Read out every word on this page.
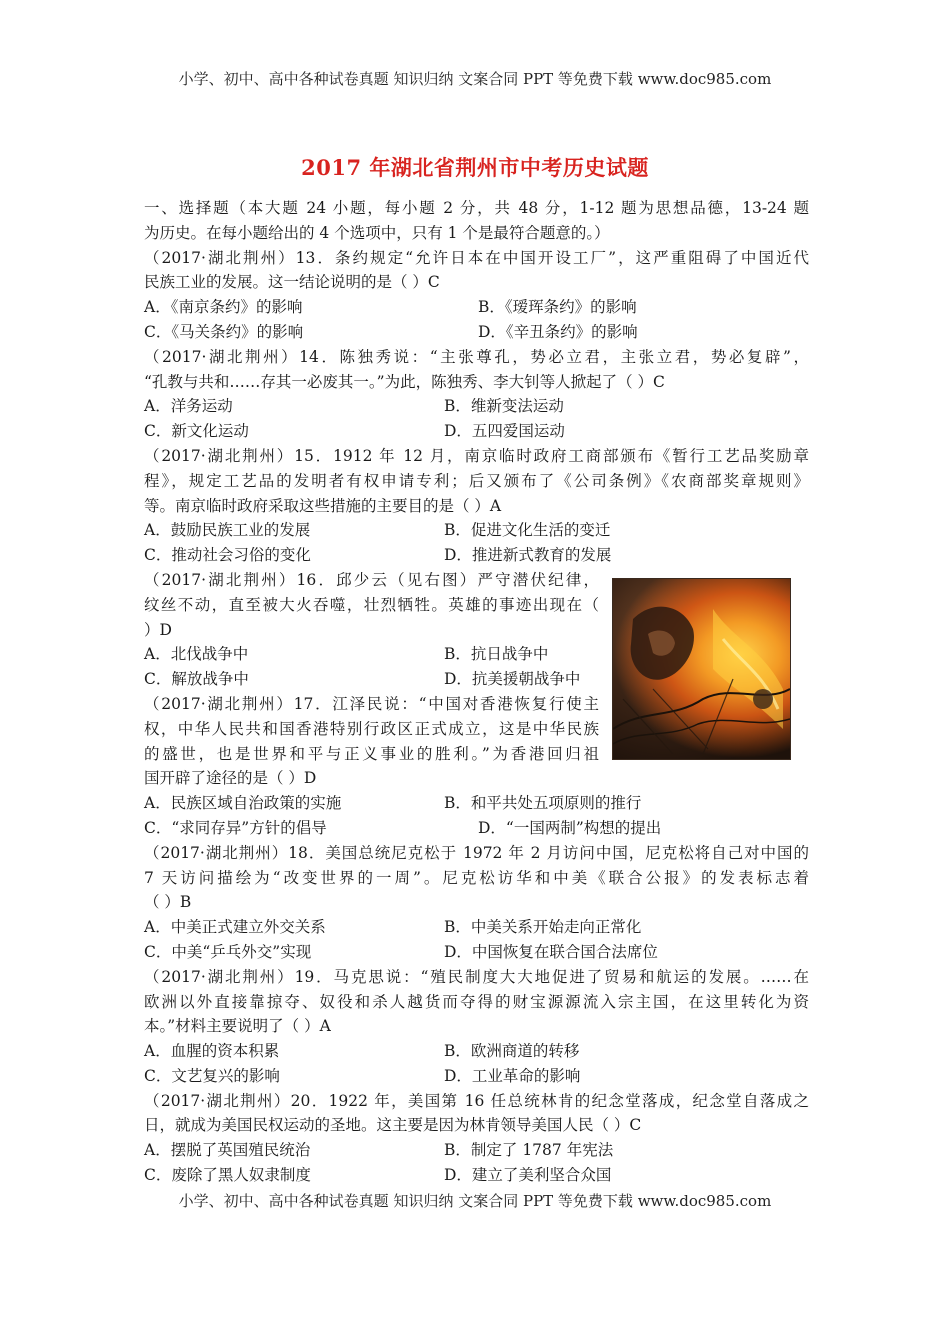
小学、初中、高中各种试卷真题 知识归纳 文案合同 PPT 等免费下载 www.doc985.com
2017 年湖北省荆州市中考历史试题
一、选择题（本大题 24 小题，每小题 2 分，共 48 分，1-12 题为思想品德，13-24 题
为历史。在每小题给出的 4 个选项中，只有 1 个是最符合题意的。）
（2017·湖北荆州）13．条约规定“允许日本在中国开设工厂”，这严重阻碍了中国近代
民族工业的发展。这一结论说明的是（ ）C
A．《南京条约》的影响	B．《瑷珲条约》的影响
C．《马关条约》的影响	D．《辛丑条约》的影响
（2017·湖北荆州）14．陈独秀说：“主张尊孔，势必立君，主张立君，势必复辟”，
“孔教与共和……存其一必废其一。”为此，陈独秀、李大钊等人掀起了（ ）C
A．洋务运动	B．维新变法运动
C．新文化运动	D．五四爱国运动
（2017·湖北荆州）15．1912 年 12 月，南京临时政府工商部颁布《暂行工艺品奖励章
程》，规定工艺品的发明者有权申请专利；后又颁布了《公司条例》《农商部奖章规则》
等。南京临时政府采取这些措施的主要目的是（ ）A
A．鼓励民族工业的发展	B．促进文化生活的变迁
C．推动社会习俗的变化	D．推进新式教育的发展
（2017·湖北荆州）16．邱少云（见右图）严守潜伏纪律，
纹丝不动，直至被大火吞噬，壮烈牺牲。英雄的事迹出现在（
）D
A．北伐战争中	B．抗日战争中
C．解放战争中	D．抗美援朝战争中
（2017·湖北荆州）17．江泽民说：“中国对香港恢复行使主
权，中华人民共和国香港特别行政区正式成立，这是中华民族
的盛世，也是世界和平与正义事业的胜利。”为香港回归祖
国开辟了途径的是（ ）D
A．民族区域自治政策的实施	B．和平共处五项原则的推行
C．“求同存异”方针的倡导	D．“一国两制”构想的提出
（2017·湖北荆州）18．美国总统尼克松于 1972 年 2 月访问中国，尼克松将自己对中国的
7 天访问描绘为“改变世界的一周”。尼克松访华和中美《联合公报》的发表标志着
（ ）B
A．中美正式建立外交关系	B．中美关系开始走向正常化
C．中美“乒乓外交”实现	D．中国恢复在联合国合法席位
（2017·湖北荆州）19．马克思说：“殖民制度大大地促进了贸易和航运的发展。……在
欧洲以外直接靠掠夺、奴役和杀人越货而夺得的财宝源源流入宗主国，在这里转化为资
本。”材料主要说明了（ ）A
A．血腥的资本积累	B．欧洲商道的转移
C．文艺复兴的影响	D．工业革命的影响
（2017·湖北荆州）20．1922 年，美国第 16 任总统林肯的纪念堂落成，纪念堂自落成之
日，就成为美国民权运动的圣地。这主要是因为林肯领导美国人民（ ）C
A．摆脱了英国殖民统治	B．制定了 1787 年宪法
C．废除了黑人奴隶制度	D．建立了美利坚合众国
小学、初中、高中各种试卷真题 知识归纳 文案合同 PPT 等免费下载 www.doc985.com
